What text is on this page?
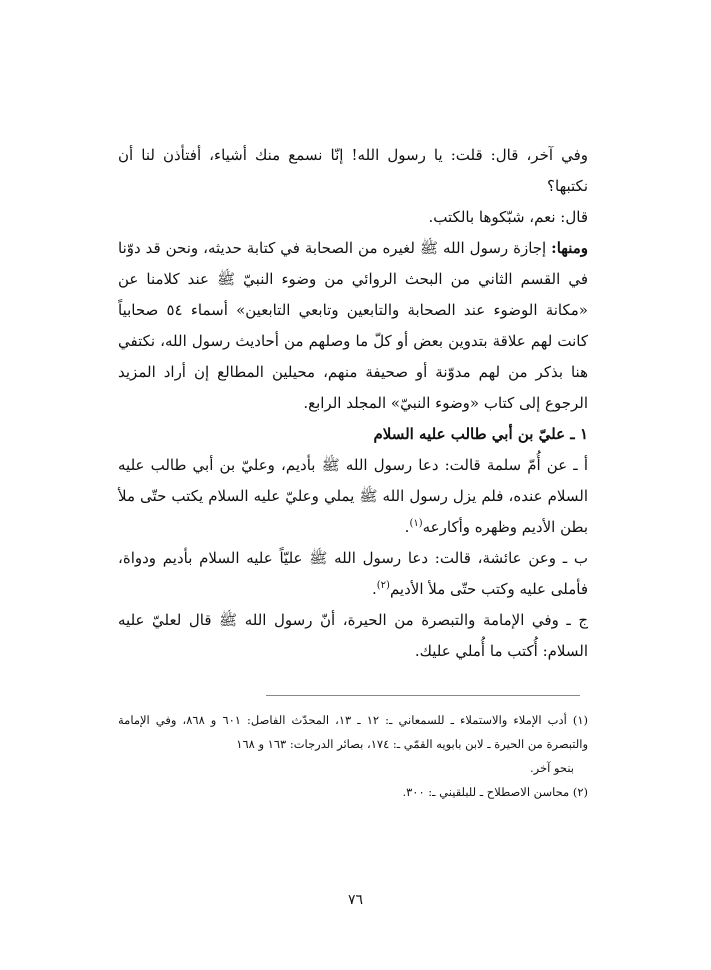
وفي آخر، قال: قلت: يا رسول الله! إنّا نسمع منك أشياء، أفتأذن لنا أن نكتبها؟

قال: نعم، شبّكوها بالكتب.

ومنها: إجازة رسول الله ﷺ لغيره من الصحابة في كتابة حديثه، ونحن قد دوّنا في القسم الثاني من البحث الروائي من وضوء النبيّ ﷺ عند كلامنا عن «مكانة الوضوء عند الصحابة والتابعين وتابعي التابعين» أسماء ٥٤ صحابياً كانت لهم علاقة بتدوين بعض أو كلّ ما وصلهم من أحاديث رسول الله، نكتفي هنا بذكر من لهم مدوّنة أو صحيفة منهم، محيلين المطالع إن أراد المزيد الرجوع إلى كتاب «وضوء النبيّ» المجلد الرابع.

١ ـ عليّ بن أبي طالب عليه السلام

أ ـ عن أُمّ سلمة قالت: دعا رسول الله ﷺ بأديم، وعليّ بن أبي طالب عليه السلام عنده، فلم يزل رسول الله ﷺ يملي وعليّ عليه السلام يكتب حتّى ملأ بطن الأديم وظهره وأكارعه$^{(١)}$.

ب ـ وعن عائشة، قالت: دعا رسول الله ﷺ عليّاً عليه السلام بأديم ودواة، فأملى عليه وكتب حتّى ملأ الأديم$^{(٢)}$.

ج ـ وفي الإمامة والتبصرة من الحيرة، أنّ رسول الله ﷺ قال لعليّ عليه السلام: أُكتب ما أُملي عليك.

(١) أدب الإملاء والاستملاء ـ للسمعاني ـ: ١٢ ـ ١٣، المحدّث الفاصل: ٦٠١ و ٨٦٨، وفي الإمامة والتبصرة من الحيرة ـ لابن بابويه القمّي ـ: ١٧٤، بصائر الدرجات: ١٦٣ و ١٦٨

بنحو آخر.

(٢) محاسن الاصطلاح ـ للبلقيني ـ: ٣٠٠.

٧٦
